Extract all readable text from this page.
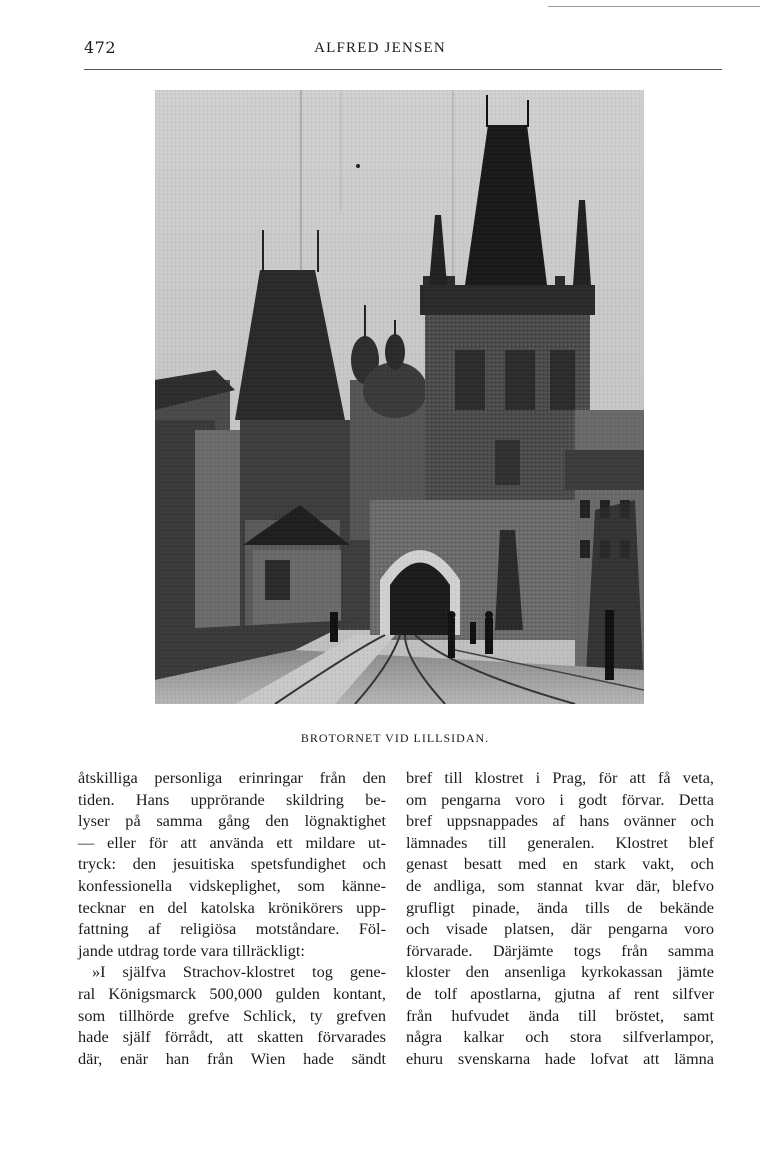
472	ALFRED JENSEN
BROTORNET VID LILLSIDAN.
åtskilliga personliga erinringar från den
tiden. Hans upprörande skildring be-
lyser på samma gång den lögnaktighet
— eller för att använda ett mildare ut-
tryck: den jesuitiska spetsfundighet och
konfessionella vidskeplighet, som känne-
tecknar en del katolska krönikörers upp-
fattning af religiösa motståndare. Föl-
jande utdrag torde vara tillräckligt:
»I själfva Strachov-klostret tog gene-
ral Königsmarck 500,000 gulden kontant,
som tillhörde grefve Schlick, ty grefven
hade själf förrådt, att skatten förvarades
där, enär han från Wien hade sändt
bref till klostret i Prag, för att få veta,
om pengarna voro i godt förvar. Detta
bref uppsnappades af hans ovänner och
lämnades till generalen. Klostret blef
genast besatt med en stark vakt, och
de andliga, som stannat kvar där, blefvo
grufligt pinade, ända tills de bekände
och visade platsen, där pengarna voro
förvarade. Därjämte togs från samma
kloster den ansenliga kyrkokassan jämte
de tolf apostlarna, gjutna af rent silfver
från hufvudet ända till bröstet, samt
några kalkar och stora silfverlampor,
ehuru svenskarna hade lofvat att lämna
